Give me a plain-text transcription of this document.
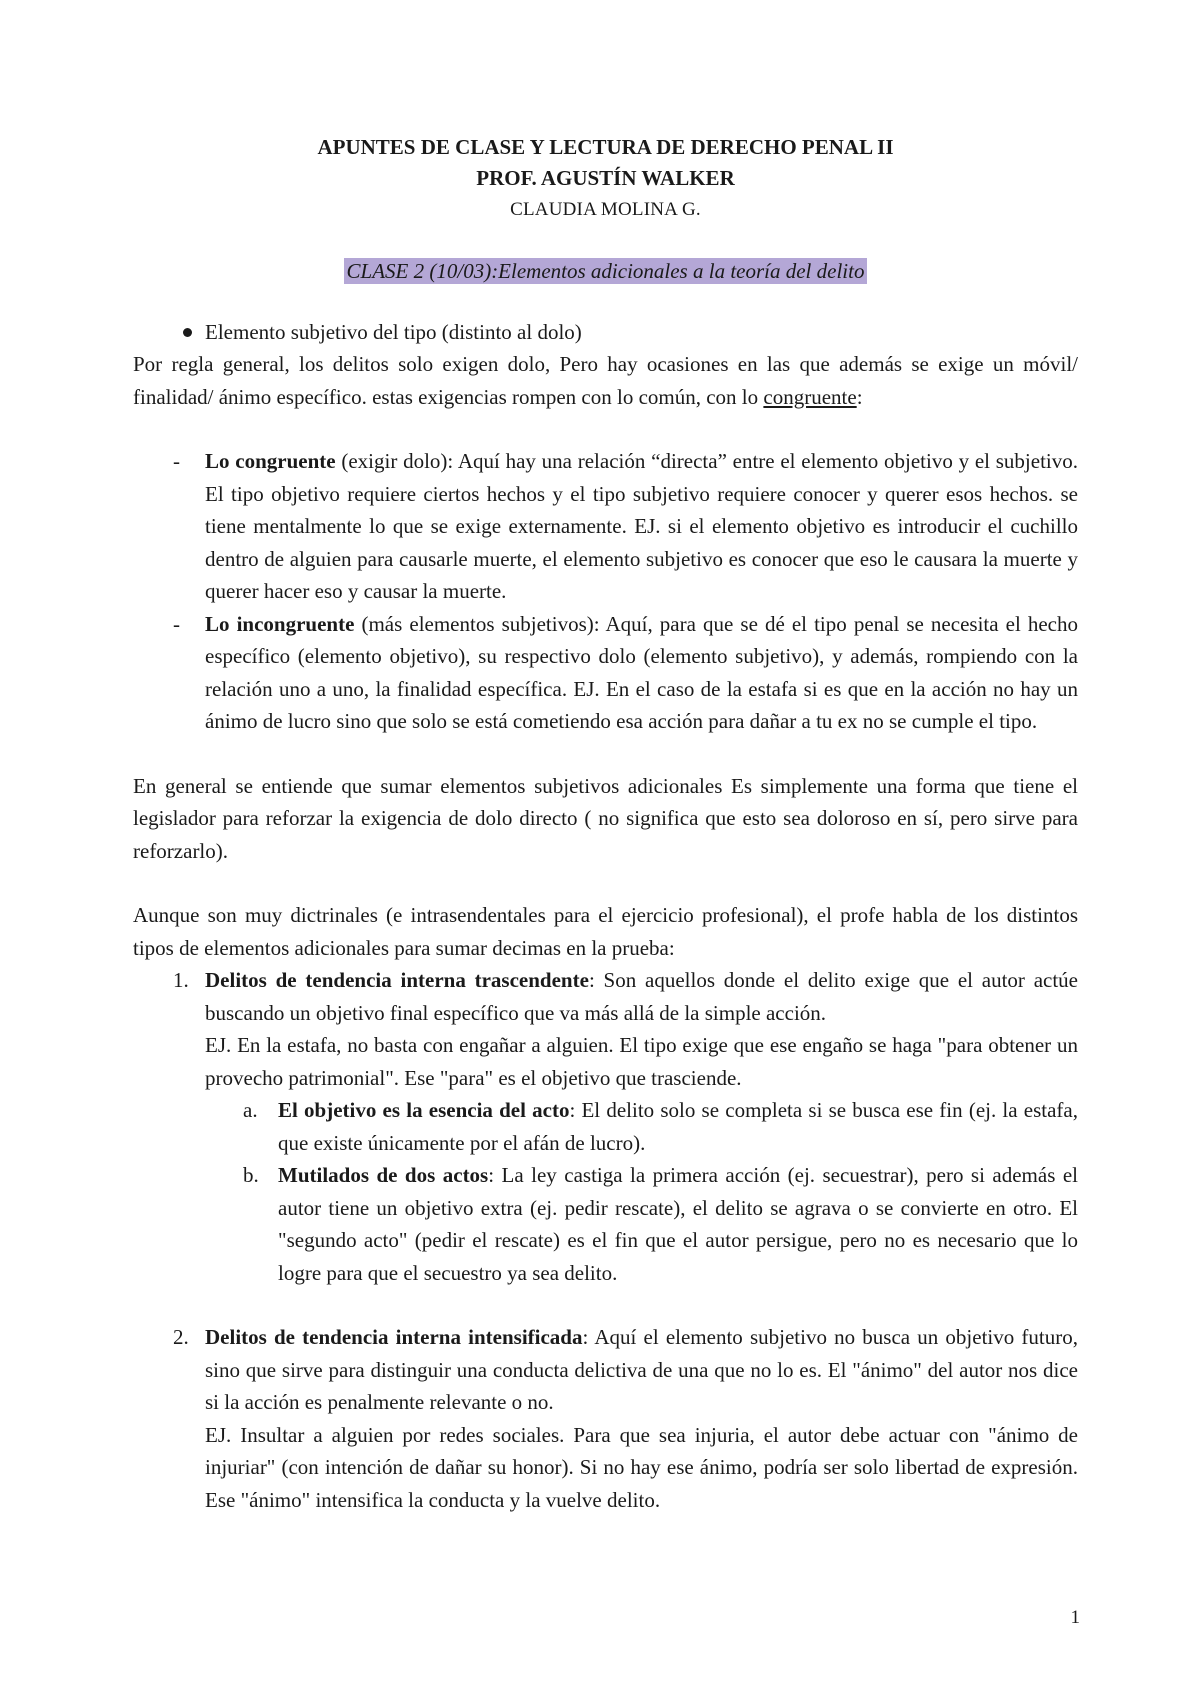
APUNTES DE CLASE Y LECTURA DE DERECHO PENAL II

PROF. AGUSTÍN WALKER

CLAUDIA MOLINA G.

CLASE 2 (10/03):Elementos adicionales a la teoría del delito
Elemento subjetivo del tipo (distinto al dolo)

Por regla general, los delitos solo exigen dolo, Pero hay ocasiones en las que además se exige un móvil/ finalidad/ ánimo específico. estas exigencias rompen con lo común, con lo congruente:

- Lo congruente (exigir dolo): Aquí hay una relación “directa” entre el elemento objetivo y el subjetivo. El tipo objetivo requiere ciertos hechos y el tipo subjetivo requiere conocer y querer esos hechos. se tiene mentalmente lo que se exige externamente. EJ. si el elemento objetivo es introducir el cuchillo dentro de alguien para causarle muerte, el elemento subjetivo es conocer que eso le causara la muerte y querer hacer eso y causar la muerte.
- Lo incongruente (más elementos subjetivos): Aquí, para que se dé el tipo penal se necesita el hecho específico (elemento objetivo), su respectivo dolo (elemento subjetivo), y además, rompiendo con la relación uno a uno, la finalidad específica. EJ. En el caso de la estafa si es que en la acción no hay un ánimo de lucro sino que solo se está cometiendo esa acción para dañar a tu ex no se cumple el tipo.

En general se entiende que sumar elementos subjetivos adicionales Es simplemente una forma que tiene el legislador para reforzar la exigencia de dolo directo ( no significa que esto sea doloroso en sí, pero sirve para reforzarlo).

Aunque son muy dictrinales (e intrasendentales para el ejercicio profesional), el profe habla de los distintos tipos de elementos adicionales para sumar decimas en la prueba:

1. Delitos de tendencia interna trascendente: Son aquellos donde el delito exige que el autor actúe buscando un objetivo final específico que va más allá de la simple acción.
EJ. En la estafa, no basta con engañar a alguien. El tipo exige que ese engaño se haga "para obtener un provecho patrimonial". Ese "para" es el objetivo que trasciende.
a. El objetivo es la esencia del acto: El delito solo se completa si se busca ese fin (ej. la estafa, que existe únicamente por el afán de lucro).
b. Mutilados de dos actos: La ley castiga la primera acción (ej. secuestrar), pero si además el autor tiene un objetivo extra (ej. pedir rescate), el delito se agrava o se convierte en otro. El "segundo acto" (pedir el rescate) es el fin que el autor persigue, pero no es necesario que lo logre para que el secuestro ya sea delito.
2. Delitos de tendencia interna intensificada: Aquí el elemento subjetivo no busca un objetivo futuro, sino que sirve para distinguir una conducta delictiva de una que no lo es. El "ánimo" del autor nos dice si la acción es penalmente relevante o no.
EJ. Insultar a alguien por redes sociales. Para que sea injuria, el autor debe actuar con "ánimo de injuriar" (con intención de dañar su honor). Si no hay ese ánimo, podría ser solo libertad de expresión. Ese "ánimo" intensifica la conducta y la vuelve delito.
1
